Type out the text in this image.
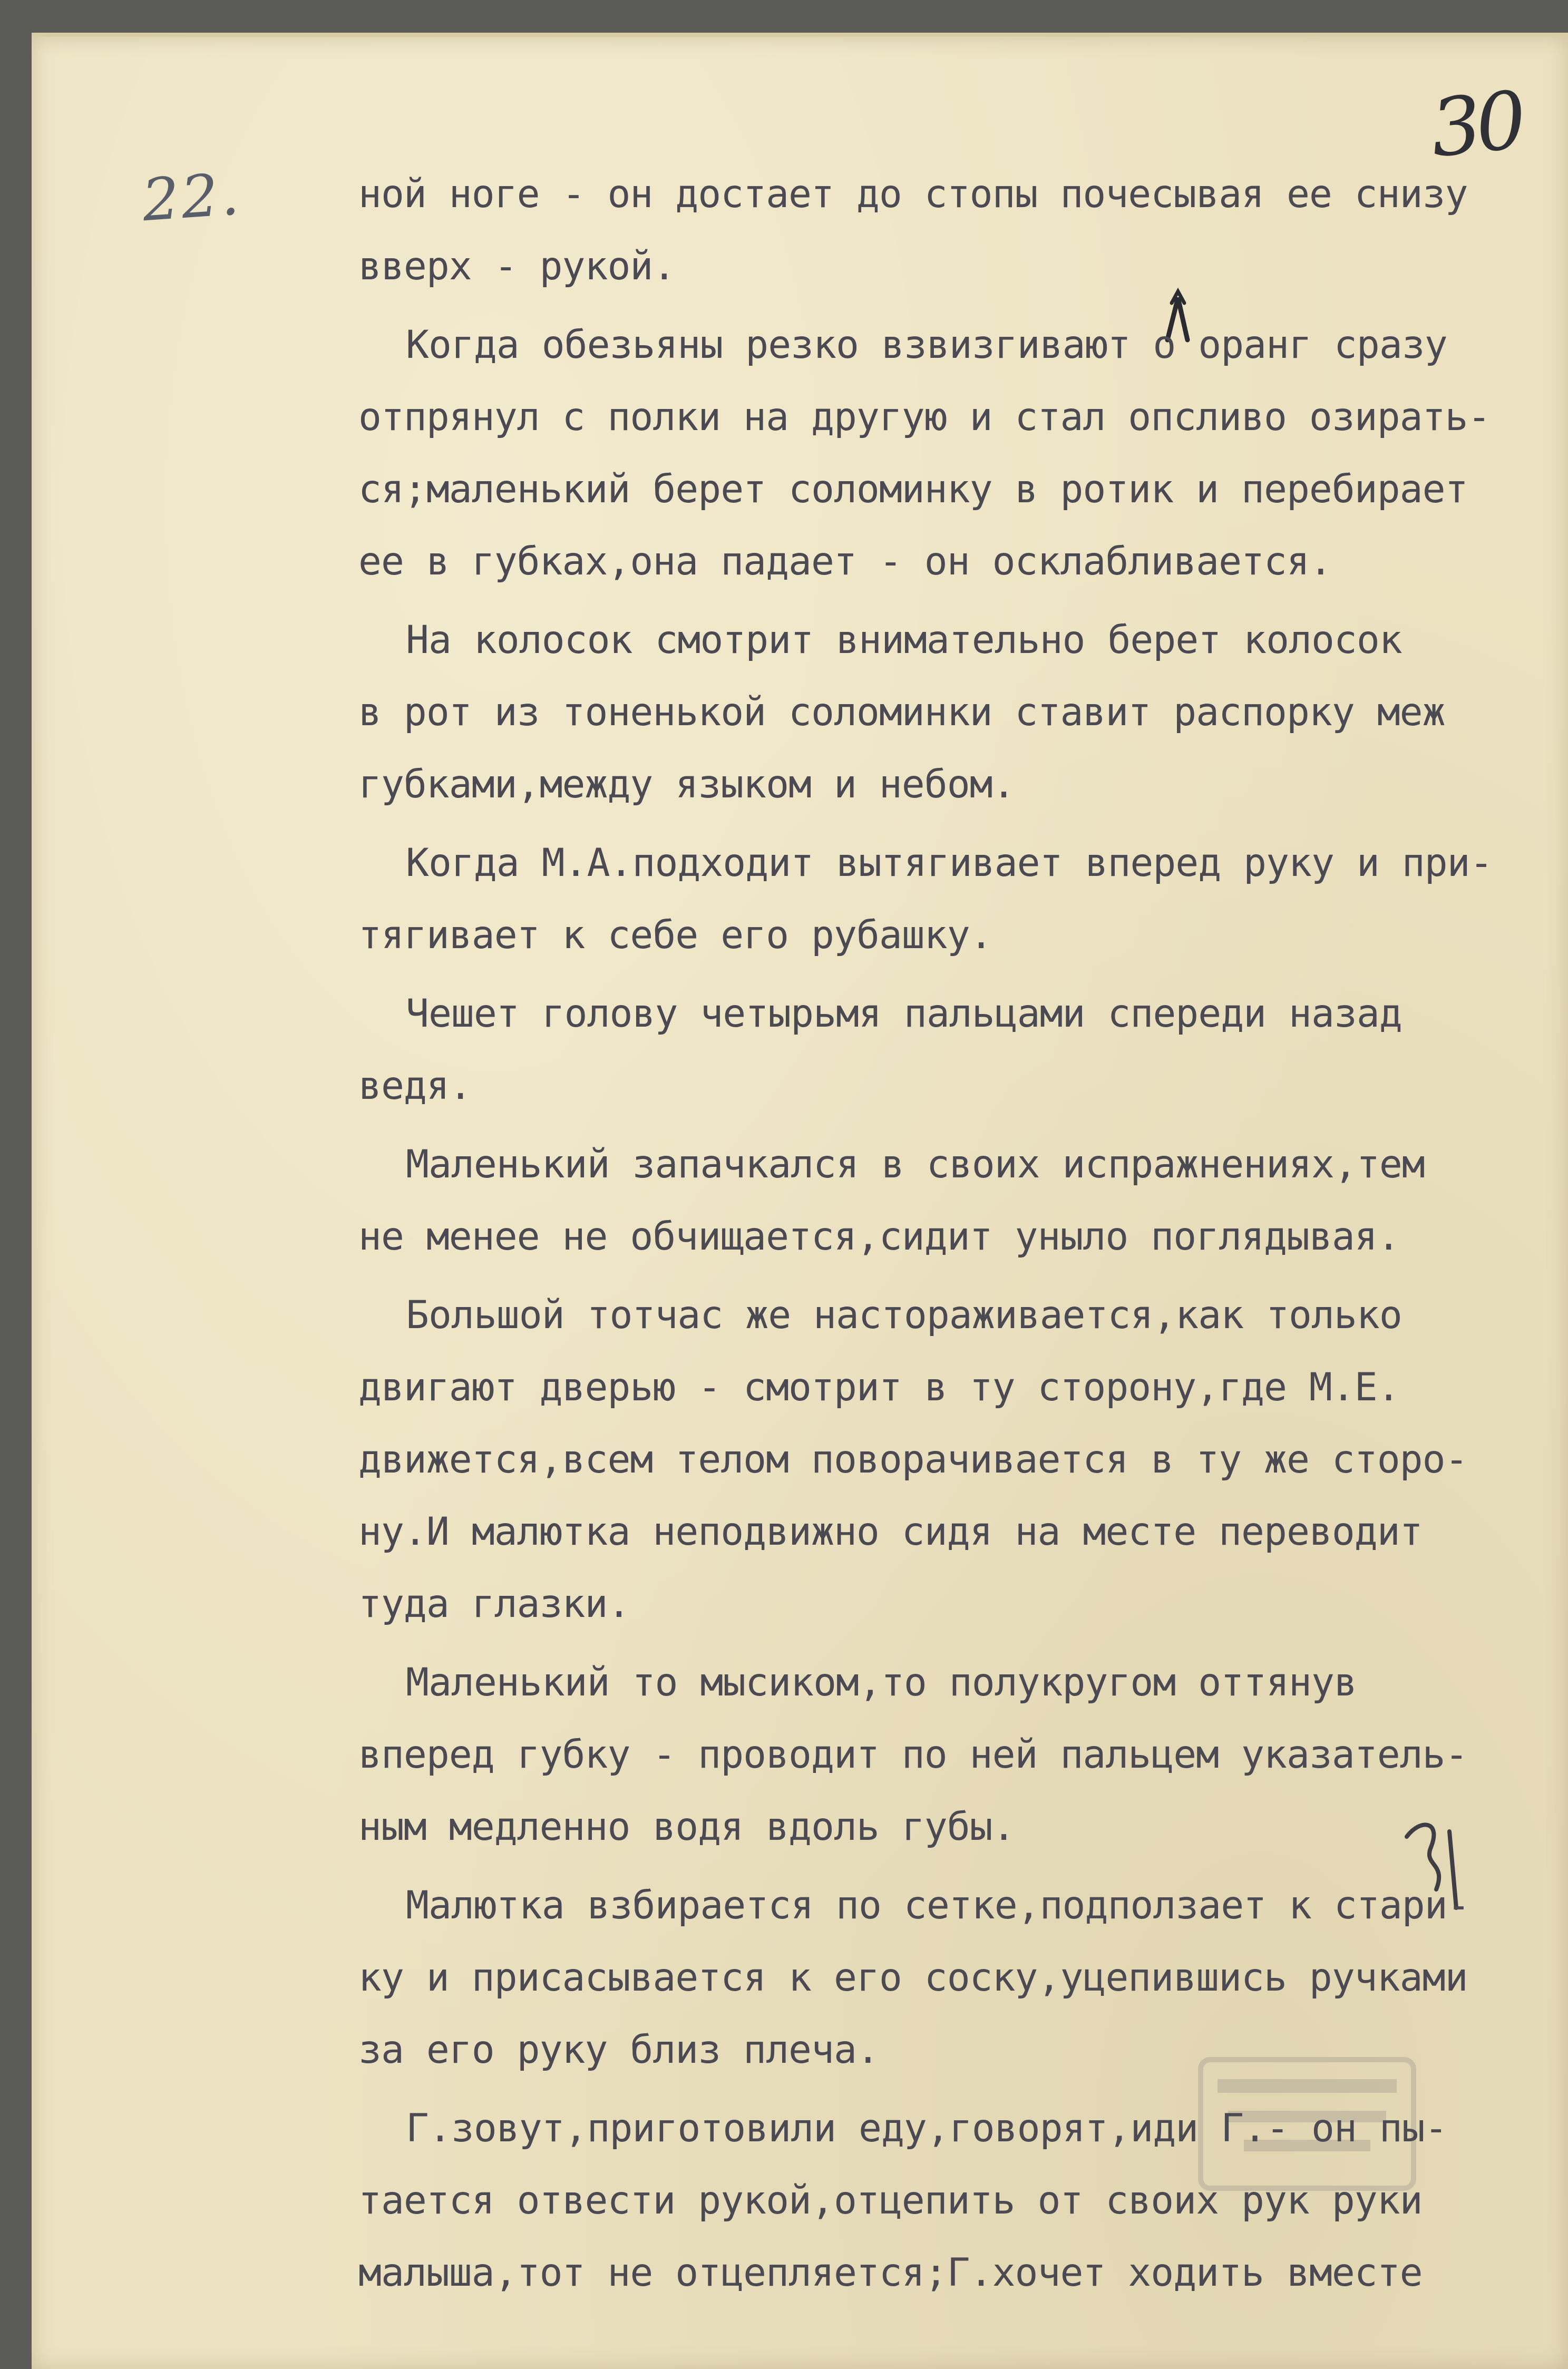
30
22.	ной ноге - он достает до стопы почесывая ее снизу
вверх - рукой.
Когда обезьяны резко взвизгивают о оранг сразу
отпрянул с полки на другую и стал опсливо озирать-
ся;маленький берет соломинку в ротик и перебирает
ее в губках,она падает - он осклабливается.
На колосок смотрит внимательно берет колосок
в рот из тоненькой соломинки ставит распорку меж
губками,между языком и небом.
Когда М.А.подходит вытягивает вперед руку и при-
тягивает к себе его рубашку.
Чешет голову четырьмя пальцами спереди назад
ведя.
Маленький запачкался в своих испражнениях,тем
не менее не обчищается,сидит уныло поглядывая.
Большой тотчас же настораживается,как только
двигают дверью - смотрит в ту сторону,где М.Е.
движется,всем телом поворачивается в ту же сторо-
ну.И малютка неподвижно сидя на месте переводит
туда глазки.
Маленький то мысиком,то полукругом оттянув
вперед губку - проводит по ней пальцем указатель-
ным медленно водя вдоль губы.
Малютка взбирается по сетке,подползает к стари-
ку и присасывается к его соску,уцепившись ручками
за его руку близ плеча.
Г.зовут,приготовили еду,говорят,иди Г.- он пы-
тается отвести рукой,отцепить от своих рук руки
малыша,тот не отцепляется;Г.хочет ходить вместе
